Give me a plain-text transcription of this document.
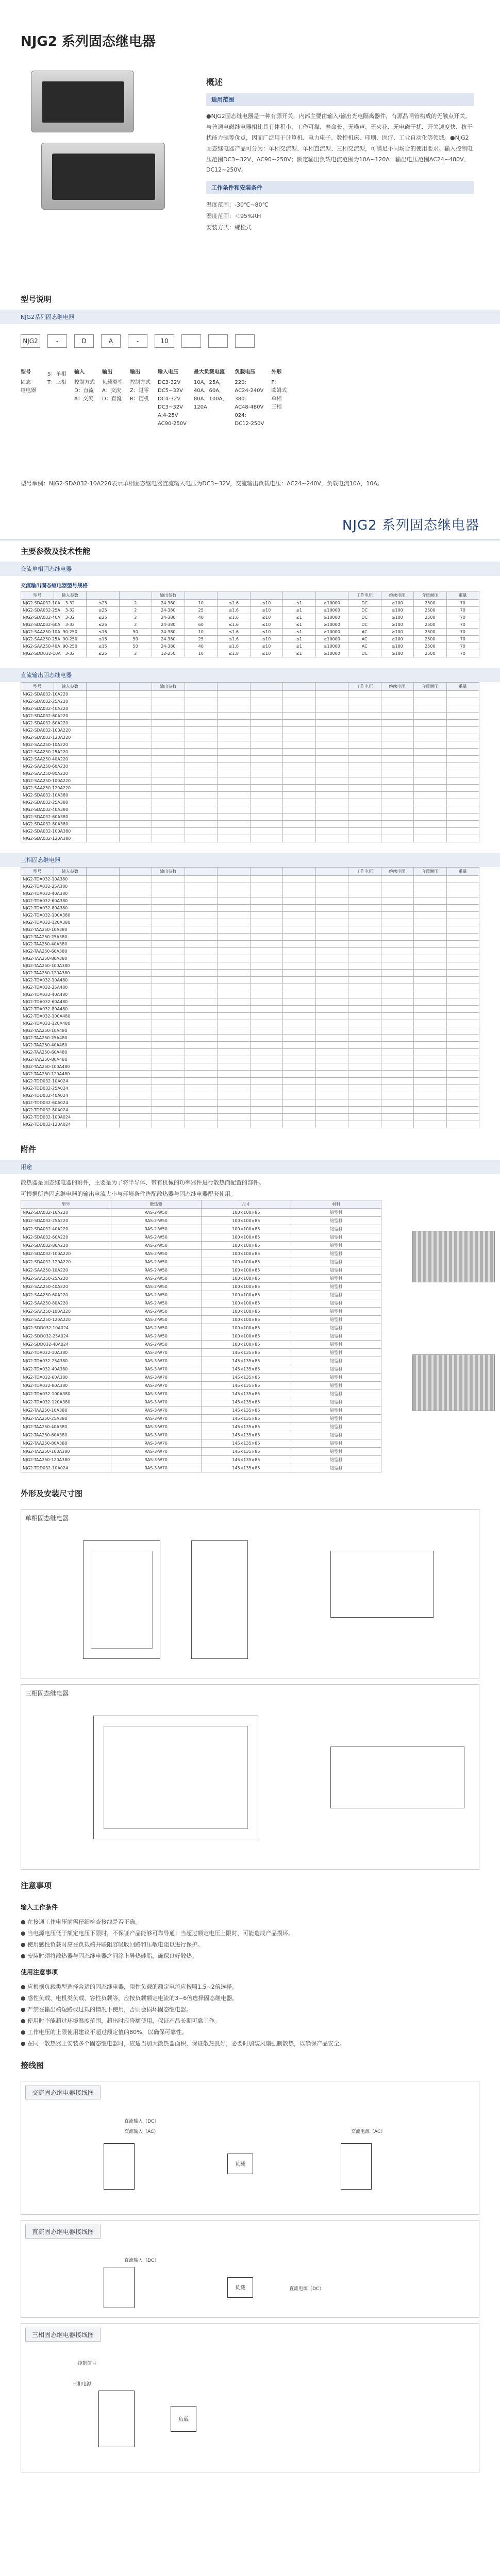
NJG2 系列固态继电器
概述
适用范围

●NJG2固态继电器是一种有源开关，内部主要由输入/输出光电隔离器件，有源晶闸管构成的无触点开关。与普通电磁继电器相比具有体积小、工作可靠、寿命长、无噪声、无火花、无电磁干扰、开关速度快、抗干扰能力强等优点，因而广泛用于计算机、电力电子、数控机床、印刷、医疗、工业自动化等领域。●NJG2固态继电器产品可分为：单相交流型、单相直流型、三相交流型，可满足不同场合的使用要求。输入控制电压范围DC3~32V、AC90~250V；额定输出负载电流范围为10A~120A；输出电压范围AC24~480V、DC12~250V。

工作条件和安装条件
温度范围：-30℃~80℃
湿度范围：＜95%RH
安装方式：螺栓式
型号说明
NJG2系列固态继电器
NJG2	-	D	A	-	10
型号
固态
继电器
S：单相
T：三相
输入
控制方式
D：直流
A：交流
输出
负载类型
A：交流
D：直流
输出
控制方式
Z：过零
R：随机
输入电压
DC3-32V
DC5~32V
DC4-32V
DC3~32V
A:4-25V
AC90-250V
最大负载电流
10A，25A，
40A，60A，
80A，100A，
120A
负载电压
220:
AC24-240V
380:
AC48-480V
024:
DC12-250V
外形
F：
欧姆式
单相
三相

型号举例：NJG2-SDA032-10A220表示单相固态继电器直流输入电压为DC3~32V，交流输出负载电压：AC24~240V，负载电流10A，10A。

NJG2 系列固态继电器
主要参数及技术性能
交流单相固态继电器
交流输出固态继电器型号规格
型号	输入参数			输出参数						工作电压	绝缘电阻	介质耐压	重量
NJG2-SDA032-10A	3-32	≤25	2	24-380	10	≤1.6	≤10	≤1	≥10000	DC	≥100	2500	70
NJG2-SDA032-25A	3-32	≤25	2	24-380	25	≤1.6	≤10	≤1	≥10000	DC	≥100	2500	70
NJG2-SDA032-40A	3-32	≤25	2	24-380	40	≤1.6	≤10	≤1	≥10000	DC	≥100	2500	70
NJG2-SDA032-60A	3-32	≤25	2	24-380	60	≤1.6	≤10	≤1	≥10000	DC	≥100	2500	70
NJG2-SAA250-10A	90-250	≤15	50	24-380	10	≤1.6	≤10	≤1	≥10000	AC	≥100	2500	70
NJG2-SAA250-25A	90-250	≤15	50	24-380	25	≤1.6	≤10	≤1	≥10000	AC	≥100	2500	70
NJG2-SAA250-40A	90-250	≤15	50	24-380	40	≤1.6	≤10	≤1	≥10000	AC	≥100	2500	70
NJG2-SDD032-10A	3-32	≤25	2	12-250	10	≤1.8	≤10	≤1	≥10000	DC	≥100	2500	70
直流输出固态继电器
型号	输入参数			输出参数						工作电压	绝缘电阻	介质耐压	重量
NJG2-SDA032-10A220													
NJG2-SDA032-25A220													
NJG2-SDA032-40A220													
NJG2-SDA032-60A220													
NJG2-SDA032-80A220													
NJG2-SDA032-100A220													
NJG2-SDA032-120A220													
NJG2-SAA250-10A220													
NJG2-SAA250-25A220													
NJG2-SAA250-40A220													
NJG2-SAA250-60A220													
NJG2-SAA250-80A220													
NJG2-SAA250-100A220													
NJG2-SAA250-120A220													
NJG2-SDA032-10A380													
NJG2-SDA032-25A380													
NJG2-SDA032-40A380													
NJG2-SDA032-60A380													
NJG2-SDA032-80A380													
NJG2-SDA032-100A380													
NJG2-SDA032-120A380													
三相固态继电器
型号	输入参数			输出参数						工作电压	绝缘电阻	介质耐压	重量
NJG2-TDA032-10A380													
NJG2-TDA032-25A380													
NJG2-TDA032-40A380													
NJG2-TDA032-60A380													
NJG2-TDA032-80A380													
NJG2-TDA032-100A380													
NJG2-TDA032-120A380													
NJG2-TAA250-10A380													
NJG2-TAA250-25A380													
NJG2-TAA250-40A380													
NJG2-TAA250-60A380													
NJG2-TAA250-80A380													
NJG2-TAA250-100A380													
NJG2-TAA250-120A380													
NJG2-TDA032-10A480													
NJG2-TDA032-25A480													
NJG2-TDA032-40A480													
NJG2-TDA032-60A480													
NJG2-TDA032-80A480													
NJG2-TDA032-100A480													
NJG2-TDA032-120A480													
NJG2-TAA250-10A480													
NJG2-TAA250-25A480													
NJG2-TAA250-40A480													
NJG2-TAA250-60A480													
NJG2-TAA250-80A480													
NJG2-TAA250-100A480													
NJG2-TAA250-120A480													
NJG2-TDD032-10A024													
NJG2-TDD032-25A024													
NJG2-TDD032-40A024													
NJG2-TDD032-60A024													
NJG2-TDD032-80A024													
NJG2-TDD032-100A024													
NJG2-TDD032-120A024													
附件
用途

散热器是固态继电器的附件，主要是为了将半导体、带有机械的功率器件进行散热而配置的部件。
可根据所选固态继电器的输出电流大小与环境条件选配散热器与固态继电器配套使用。

型号	散热器	尺寸	材料
NJG2-SDA032-10A220	RAS-2-W50	100×100×85	铝型材
NJG2-SDA032-25A220	RAS-2-W50	100×100×85	铝型材
NJG2-SDA032-40A220	RAS-2-W50	100×100×85	铝型材
NJG2-SDA032-60A220	RAS-2-W50	100×100×85	铝型材
NJG2-SDA032-80A220	RAS-2-W50	100×100×85	铝型材
NJG2-SDA032-100A220	RAS-2-W50	100×100×85	铝型材
NJG2-SDA032-120A220	RAS-2-W50	100×100×85	铝型材
NJG2-SAA250-10A220	RAS-2-W50	100×100×85	铝型材
NJG2-SAA250-25A220	RAS-2-W50	100×100×85	铝型材
NJG2-SAA250-40A220	RAS-2-W50	100×100×85	铝型材
NJG2-SAA250-60A220	RAS-2-W50	100×100×85	铝型材
NJG2-SAA250-80A220	RAS-2-W50	100×100×85	铝型材
NJG2-SAA250-100A220	RAS-2-W50	100×100×85	铝型材
NJG2-SAA250-120A220	RAS-2-W50	100×100×85	铝型材
NJG2-SDD032-10A024	RAS-2-W50	100×100×85	铝型材
NJG2-SDD032-25A024	RAS-2-W50	100×100×85	铝型材
NJG2-SDD032-40A024	RAS-2-W50	100×100×85	铝型材
NJG2-TDA032-10A380	RAS-3-W70	145×135×85	铝型材
NJG2-TDA032-25A380	RAS-3-W70	145×135×85	铝型材
NJG2-TDA032-40A380	RAS-3-W70	145×135×85	铝型材
NJG2-TDA032-60A380	RAS-3-W70	145×135×85	铝型材
NJG2-TDA032-80A380	RAS-3-W70	145×135×85	铝型材
NJG2-TDA032-100A380	RAS-3-W70	145×135×85	铝型材
NJG2-TDA032-120A380	RAS-3-W70	145×135×85	铝型材
NJG2-TAA250-10A380	RAS-3-W70	145×135×85	铝型材
NJG2-TAA250-25A380	RAS-3-W70	145×135×85	铝型材
NJG2-TAA250-40A380	RAS-3-W70	145×135×85	铝型材
NJG2-TAA250-60A380	RAS-3-W70	145×135×85	铝型材
NJG2-TAA250-80A380	RAS-3-W70	145×135×85	铝型材
NJG2-TAA250-100A380	RAS-3-W70	145×135×85	铝型材
NJG2-TAA250-120A380	RAS-3-W70	145×135×85	铝型材
NJG2-TDD032-10A024	RAS-3-W70	145×135×85	铝型材
外形及安装尺寸图
单相固态继电器
三相固态继电器
注意事项
输入工作条件
● 在接通工作电压前需仔细检查接线是否正确。
● 当电源电压低于额定电压下限时，不保证产品能够可靠导通；当超过额定电压上限时，可能造成产品损坏。
● 使用感性负载时应在负载端并联阻容吸收回路和压敏电阻以进行保护。
● 安装时须将散热器与固态继电器之间涂上导热硅脂，确保良好散热。
使用注意事项
● 应根据负载类型选择合适的固态继电器，阻性负载的额定电流应按照1.5~2倍选择。
● 感性负载、电机类负载、容性负载等，应按负载额定电流的3~6倍选择固态继电器。
● 严禁在输出端短路或过载的情况下使用，否则会损坏固态继电器。
● 使用时不能超过环境温度范围，超出时应降额使用，保证产品长期可靠工作。
● 工作电压的上限使用建议不超过额定值的80%，以确保可靠性。
● 在同一散热器上安装多个固态继电器时，应适当加大散热器面积，保证散热良好，必要时加装风扇强制散热，以确保产品安全。
接线图
交流固态继电器接线图
直流输入（DC）
交流输入（AC）
负载
交流电源（AC）
直流固态继电器接线图
直流输入（DC）
负载	直流电源（DC）
三相固态继电器接线图
控制信号
三相电源
负载
